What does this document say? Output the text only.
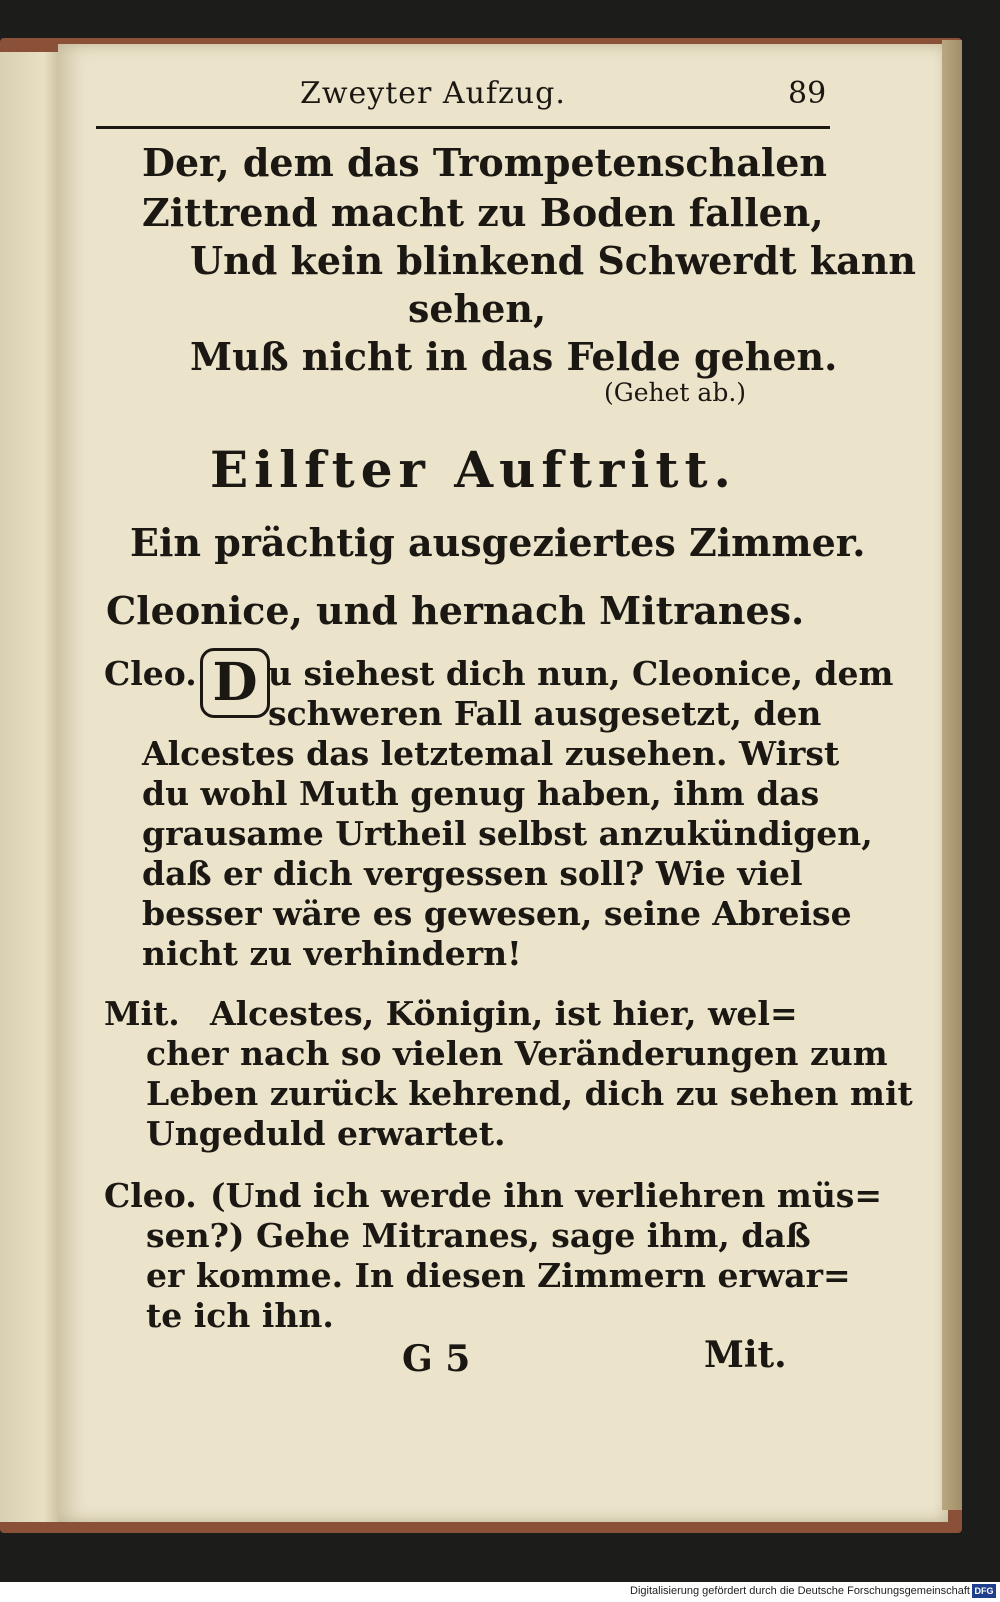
Zweyter Aufzug.	89
Der, dem das Trompetenschalen
Zittrend macht zu Boden fallen,
Und kein blinkend Schwerdt kann
sehen,
Muß nicht in das Felde gehen.
(Gehet ab.)
Eilfter Auftritt.
Ein prächtig ausgeziertes Zimmer.
Cleonice, und hernach Mitranes.
Cleo. D u siehest dich nun, Cleonice, dem
schweren Fall ausgesetzt, den
Alcestes das letztemal zusehen. Wirst
du wohl Muth genug haben, ihm das
grausame Urtheil selbst anzukündigen,
daß er dich vergessen soll? Wie viel
besser wäre es gewesen, seine Abreise
nicht zu verhindern!
Mit. Alcestes, Königin, ist hier, wel=
cher nach so vielen Veränderungen zum
Leben zurück kehrend, dich zu sehen mit
Ungeduld erwartet.
Cleo. (Und ich werde ihn verliehren müs=
sen?) Gehe Mitranes, sage ihm, daß
er komme. In diesen Zimmern erwar=
te ich ihn.
G 5	Mit.
Digitalisierung gefördert durch die Deutsche Forschungsgemeinschaft DFG
